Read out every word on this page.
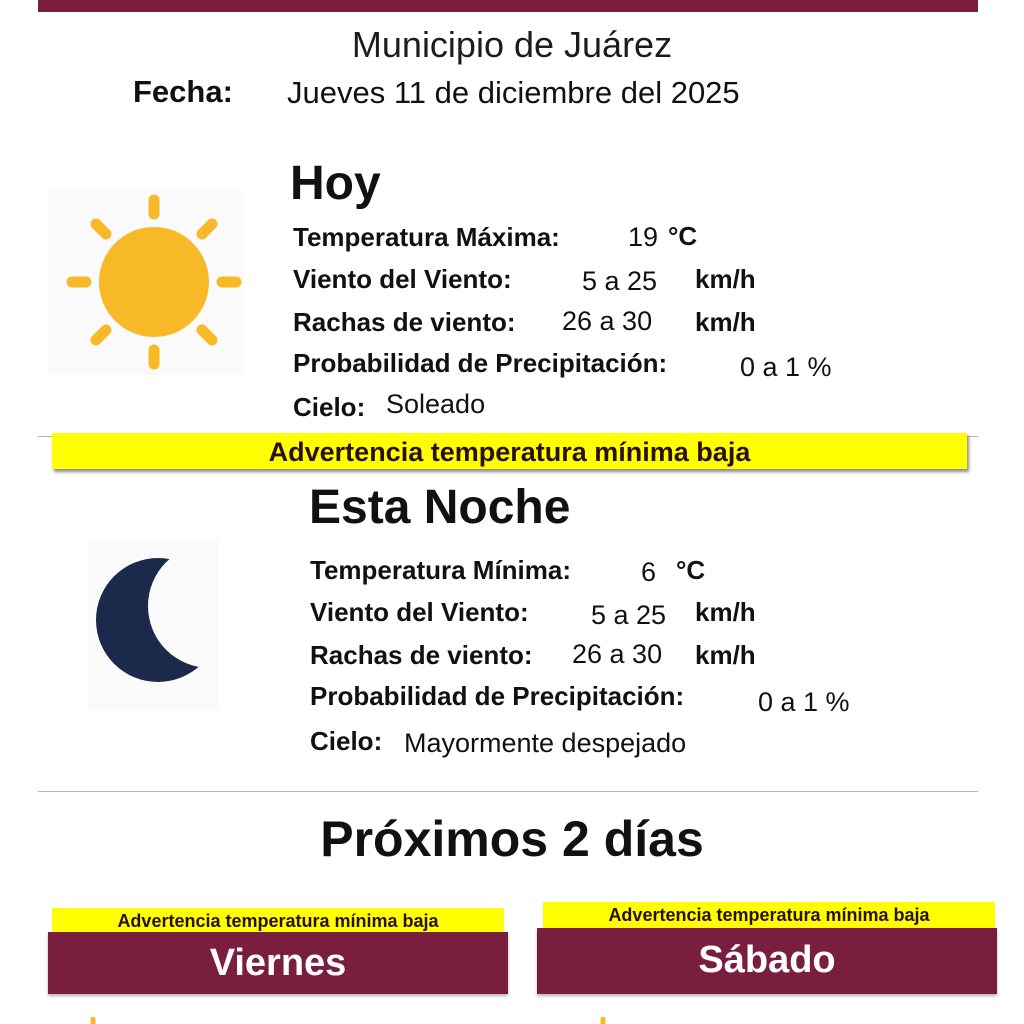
Municipio de Juárez
Fecha: Jueves 11 de diciembre del 2025
Hoy
Temperatura Máxima:	19 °C
Viento del Viento:	5 a 25 km/h
Rachas de viento: 26 a 30 km/h
Probabilidad de Precipitación:	0 a 1 %
Cielo: Soleado
Advertencia temperatura mínima baja
Esta Noche
Temperatura Mínima:	6 °C
Viento del Viento: 5 a 25 km/h
Rachas de viento: 26 a 30 km/h
Probabilidad de Precipitación:	0 a 1 %
Cielo: Mayormente despejado
Próximos 2 días
Advertencia temperatura mínima baja
Viernes
Advertencia temperatura mínima baja
Sábado
